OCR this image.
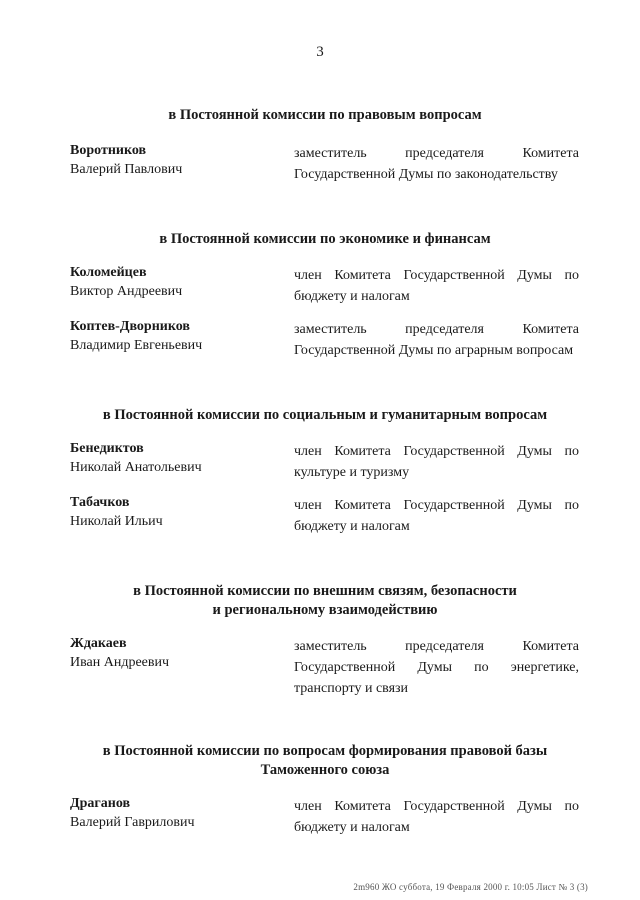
3
в Постоянной комиссии по правовым вопросам
Воротников
Валерий Павлович
заместитель председателя Комитета Государственной Думы по законодательству
в Постоянной комиссии по экономике и финансам
Коломейцев
Виктор Андреевич
член Комитета Государственной Думы по бюджету и налогам
Коптев-Дворников
Владимир Евгеньевич
заместитель председателя Комитета Государственной Думы по аграрным вопросам
в Постоянной комиссии по социальным и гуманитарным вопросам
Бенедиктов
Николай Анатольевич
член Комитета Государственной Думы по культуре и туризму
Табачков
Николай Ильич
член Комитета Государственной Думы по бюджету и налогам
в Постоянной комиссии по внешним связям, безопасности
и региональному взаимодействию
Ждакаев
Иван Андреевич
заместитель председателя Комитета Государственной Думы по энергетике, транспорту и связи
в Постоянной комиссии по вопросам формирования правовой базы
Таможенного союза
Драганов
Валерий Гаврилович
член Комитета Государственной Думы по бюджету и налогам
2m960 ЖО суббота, 19 Февраля 2000 г. 10:05 Лист № 3 (3)
